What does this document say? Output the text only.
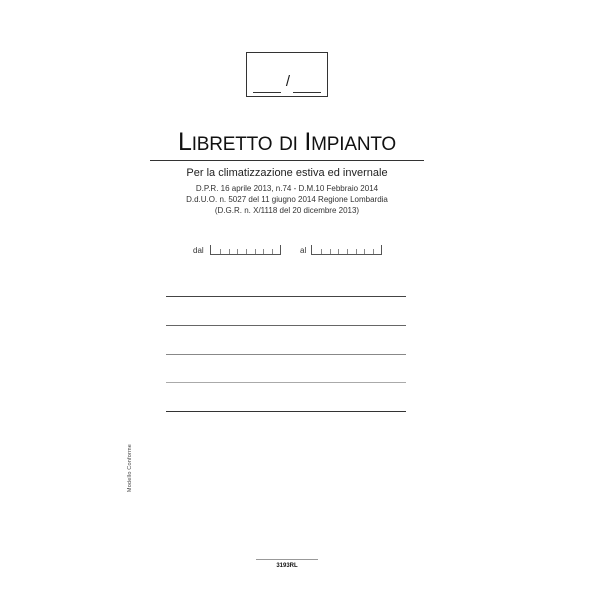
/
LIBRETTO DI IMPIANTO
Per la climatizzazione estiva ed invernale
D.P.R. 16 aprile 2013, n.74 - D.M.10 Febbraio 2014
D.d.U.O. n. 5027 del 11 giugno 2014 Regione Lombardia
(D.G.R. n. X/1118 del 20 dicembre 2013)
dal	al
Modello Conforme
3193RL
